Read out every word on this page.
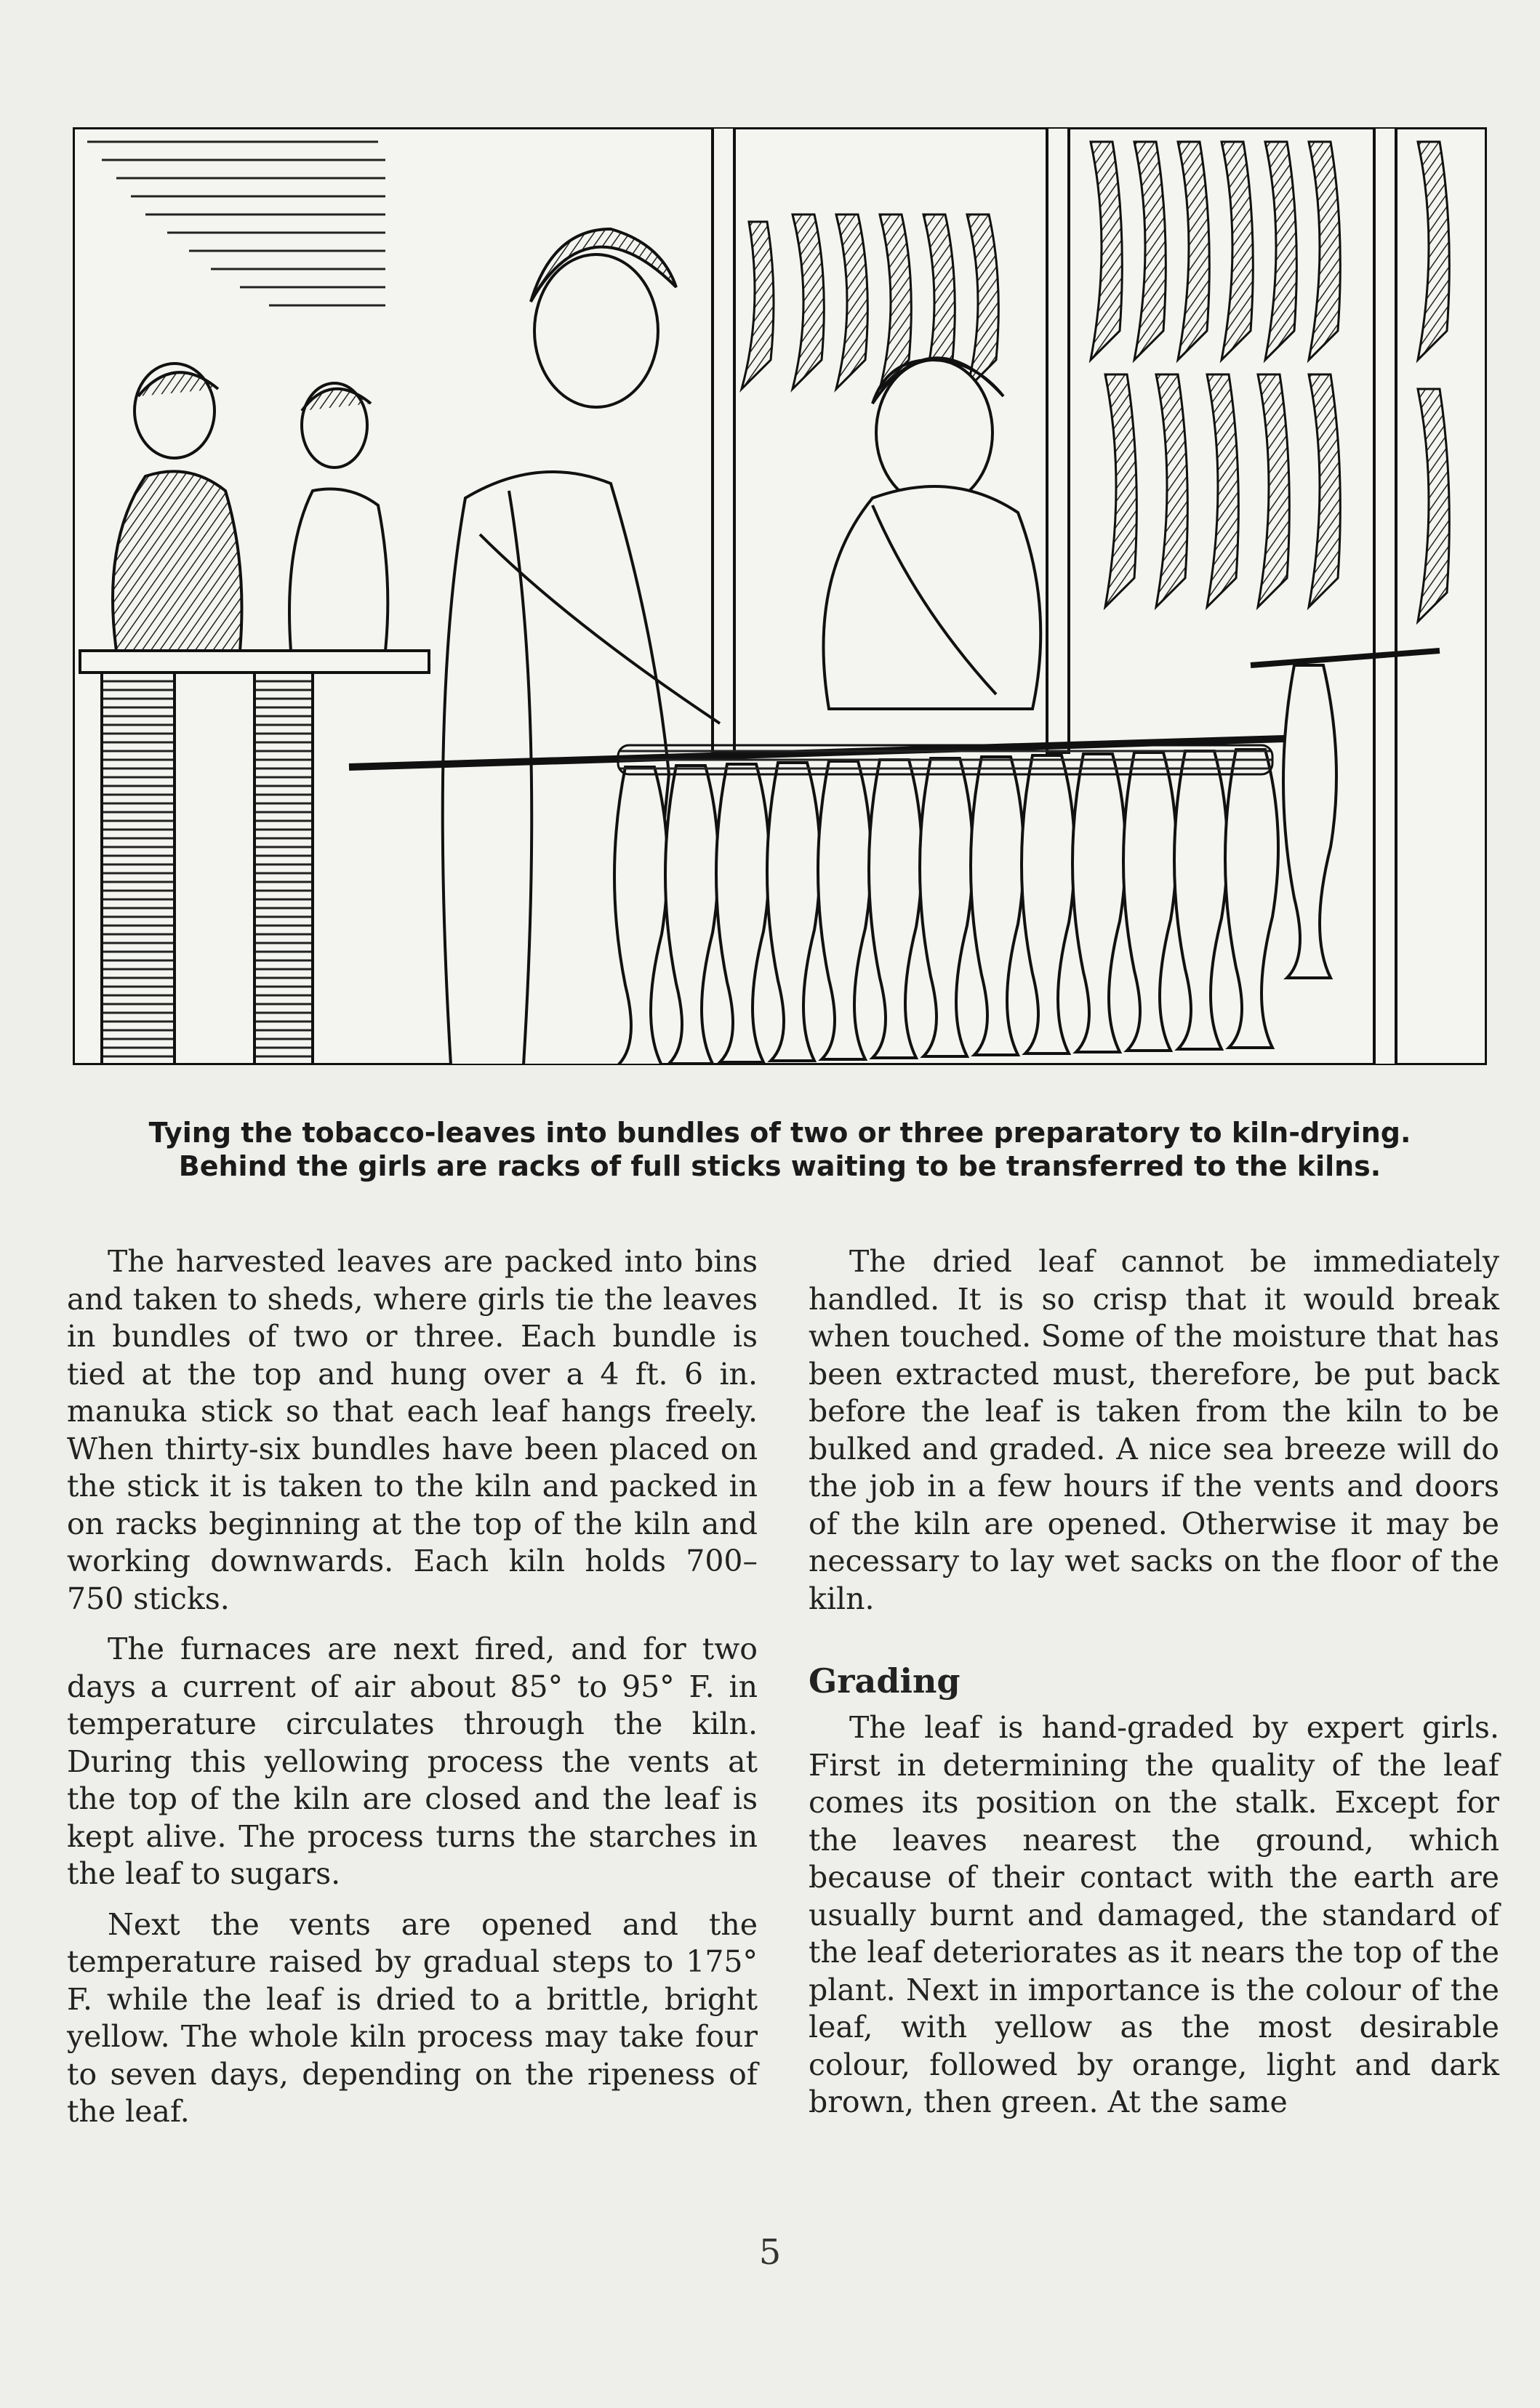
Tying the tobacco-leaves into bundles of two or three preparatory to kiln-drying.
Behind the girls are racks of full sticks waiting to be transferred to the kilns.

The harvested leaves are packed into bins and taken to sheds, where girls tie the leaves in bundles of two or three. Each bundle is tied at the top and hung over a 4 ft. 6 in. manuka stick so that each leaf hangs freely. When thirty-six bundles have been placed on the stick it is taken to the kiln and packed in on racks beginning at the top of the kiln and working downwards. Each kiln holds 700–750 sticks.

The furnaces are next fired, and for two days a current of air about 85° to 95° F. in temperature circulates through the kiln. During this yellowing process the vents at the top of the kiln are closed and the leaf is kept alive. The process turns the starches in the leaf to sugars.

Next the vents are opened and the temperature raised by gradual steps to 175° F. while the leaf is dried to a brittle, bright yellow. The whole kiln process may take four to seven days, depending on the ripeness of the leaf.

The dried leaf cannot be immediately handled. It is so crisp that it would break when touched. Some of the moisture that has been extracted must, therefore, be put back before the leaf is taken from the kiln to be bulked and graded. A nice sea breeze will do the job in a few hours if the vents and doors of the kiln are opened. Otherwise it may be necessary to lay wet sacks on the floor of the kiln.

Grading

The leaf is hand-graded by expert girls. First in determining the quality of the leaf comes its position on the stalk. Except for the leaves nearest the ground, which because of their contact with the earth are usually burnt and damaged, the standard of the leaf deteriorates as it nears the top of the plant. Next in importance is the colour of the leaf, with yellow as the most desirable colour, followed by orange, light and dark brown, then green. At the same

5
